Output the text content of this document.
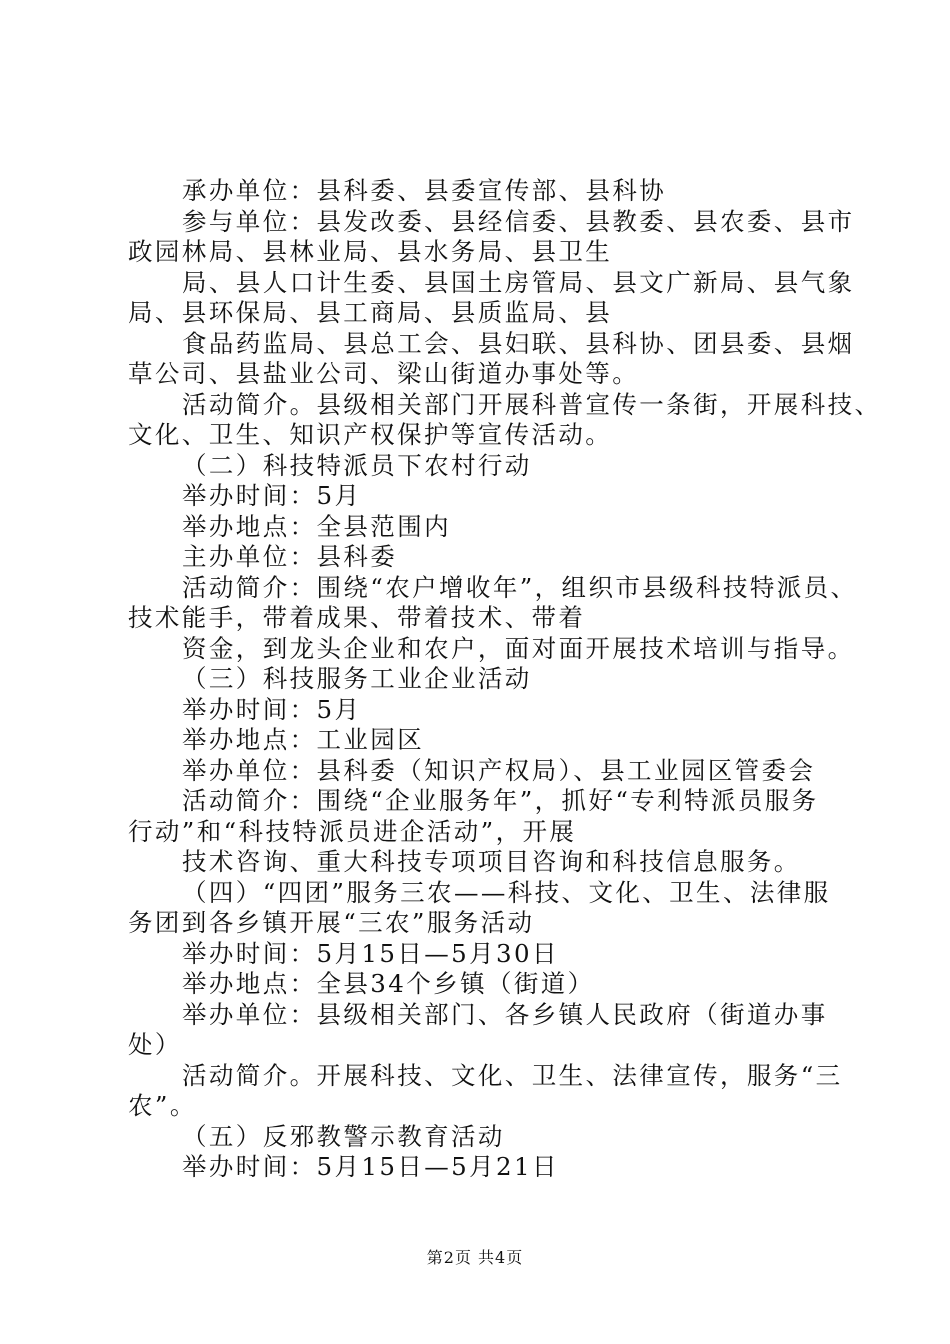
承办单位：县科委、县委宣传部、县科协
参与单位：县发改委、县经信委、县教委、县农委、县市
政园林局、县林业局、县水务局、县卫生
局、县人口计生委、县国土房管局、县文广新局、县气象
局、县环保局、县工商局、县质监局、县
食品药监局、县总工会、县妇联、县科协、团县委、县烟
草公司、县盐业公司、梁山街道办事处等。
活动简介。县级相关部门开展科普宣传一条街，开展科技、
文化、卫生、知识产权保护等宣传活动。
（二）科技特派员下农村行动
举办时间：5月
举办地点：全县范围内
主办单位：县科委
活动简介：围绕“农户增收年”，组织市县级科技特派员、
技术能手，带着成果、带着技术、带着
资金，到龙头企业和农户，面对面开展技术培训与指导。
（三）科技服务工业企业活动
举办时间：5月
举办地点：工业园区
举办单位：县科委（知识产权局）、县工业园区管委会
活动简介：围绕“企业服务年”，抓好“专利特派员服务
行动”和“科技特派员进企活动”，开展
技术咨询、重大科技专项项目咨询和科技信息服务。
（四）“四团”服务三农——科技、文化、卫生、法律服
务团到各乡镇开展“三农”服务活动
举办时间：5月15日—5月30日
举办地点：全县34个乡镇（街道）
举办单位：县级相关部门、各乡镇人民政府（街道办事
处）
活动简介。开展科技、文化、卫生、法律宣传，服务“三
农”。
（五）反邪教警示教育活动
举办时间：5月15日—5月21日
第2页 共4页
